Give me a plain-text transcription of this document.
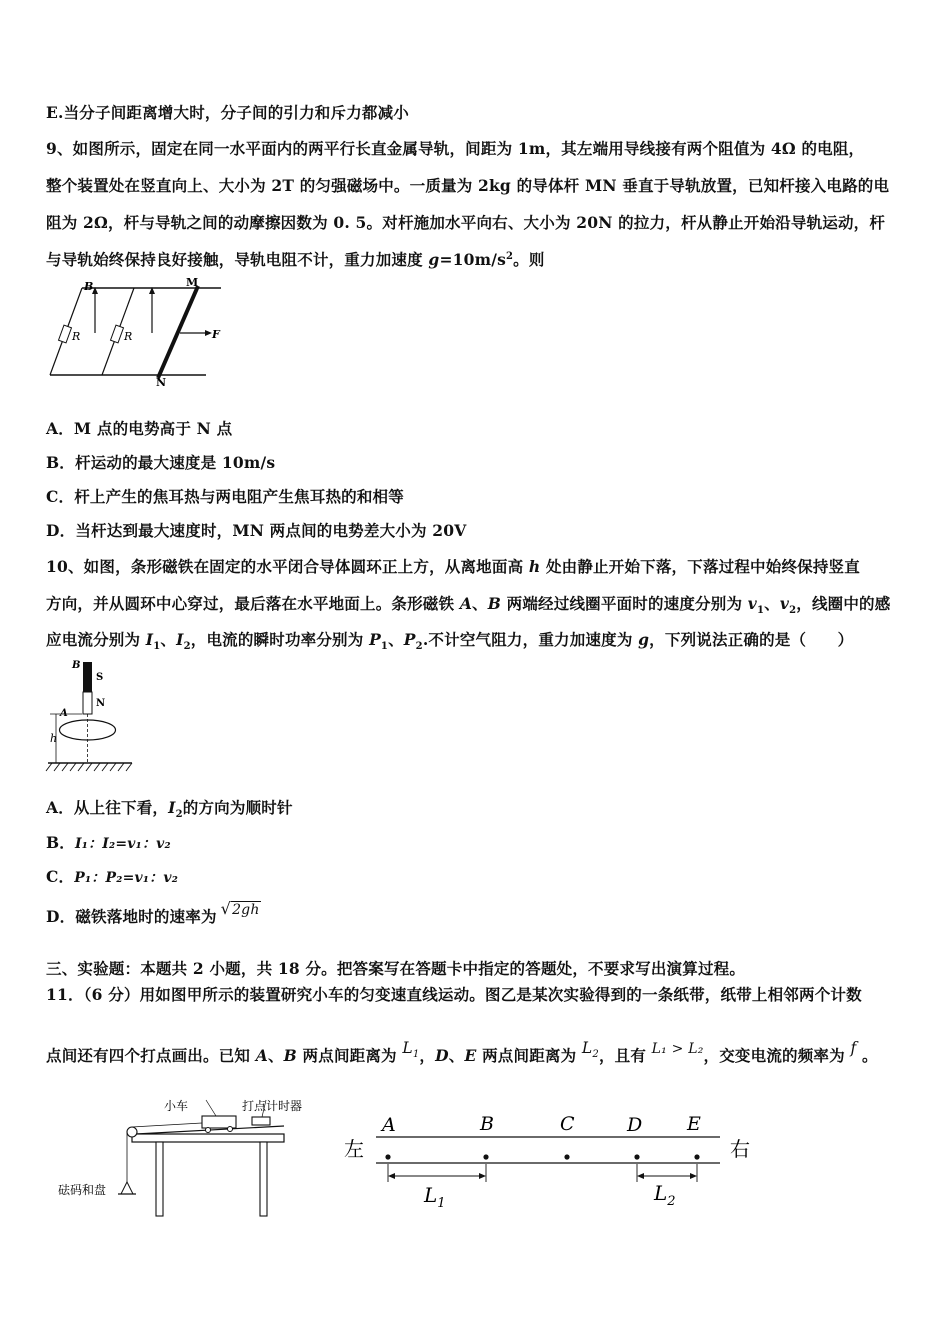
E.当分子间距离增大时，分子间的引力和斥力都减小
9、如图所示，固定在同一水平面内的两平行长直金属导轨，间距为 1m，其左端用导线接有两个阻值为 4Ω 的电阻，
整个装置处在竖直向上、大小为 2T 的匀强磁场中。一质量为 2kg 的导体杆 MN 垂直于导轨放置，已知杆接入电路的电
阻为 2Ω，杆与导轨之间的动摩擦因数为 0. 5。对杆施加水平向右、大小为 20N 的拉力，杆从静止开始沿导轨运动，杆
与导轨始终保持良好接触，导轨电阻不计，重力加速度 $g=10m/s^2$。则
R	R
B	M
N
F
A．M 点的电势高于 N 点
B．杆运动的最大速度是 10m/s
C．杆上产生的焦耳热与两电阻产生焦耳热的和相等
D．当杆达到最大速度时，MN 两点间的电势差大小为 20V
10、如图，条形磁铁在固定的水平闭合导体圆环正上方，从离地面高 h 处由静止开始下落，下落过程中始终保持竖直
方向，并从圆环中心穿过，最后落在水平地面上。条形磁铁 A、B 两端经过线圈平面时的速度分别为 $v_1$、$v_2$，线圈中的感
应电流分别为 $I_1$、$I_2$，电流的瞬时功率分别为 $P_1$、$P_2$.不计空气阻力，重力加速度为 g，下列说法正确的是（　　）
B
S
N
A
h
A．从上往下看，$I_2$的方向为顺时针
B．I₁：I₂=v₁：v₂
C．P₁：P₂=v₁：v₂
D．磁铁落地时的速率为 √2gh
三、实验题：本题共 2 小题，共 18 分。把答案写在答题卡中指定的答题处，不要求写出演算过程。
11．（6 分）用如图甲所示的装置研究小车的匀变速直线运动。图乙是某次实验得到的一条纸带，纸带上相邻两个计数
点间还有四个打点画出。已知 A、B 两点间距离为 $L_1$，D、E 两点间距离为 $L_2$，且有 L₁ > L₂，交变电流的频率为 f 。
小车	打点计时器
砝码和盘
左	右
A	B	C	D E
$L_1$	$L_2$
